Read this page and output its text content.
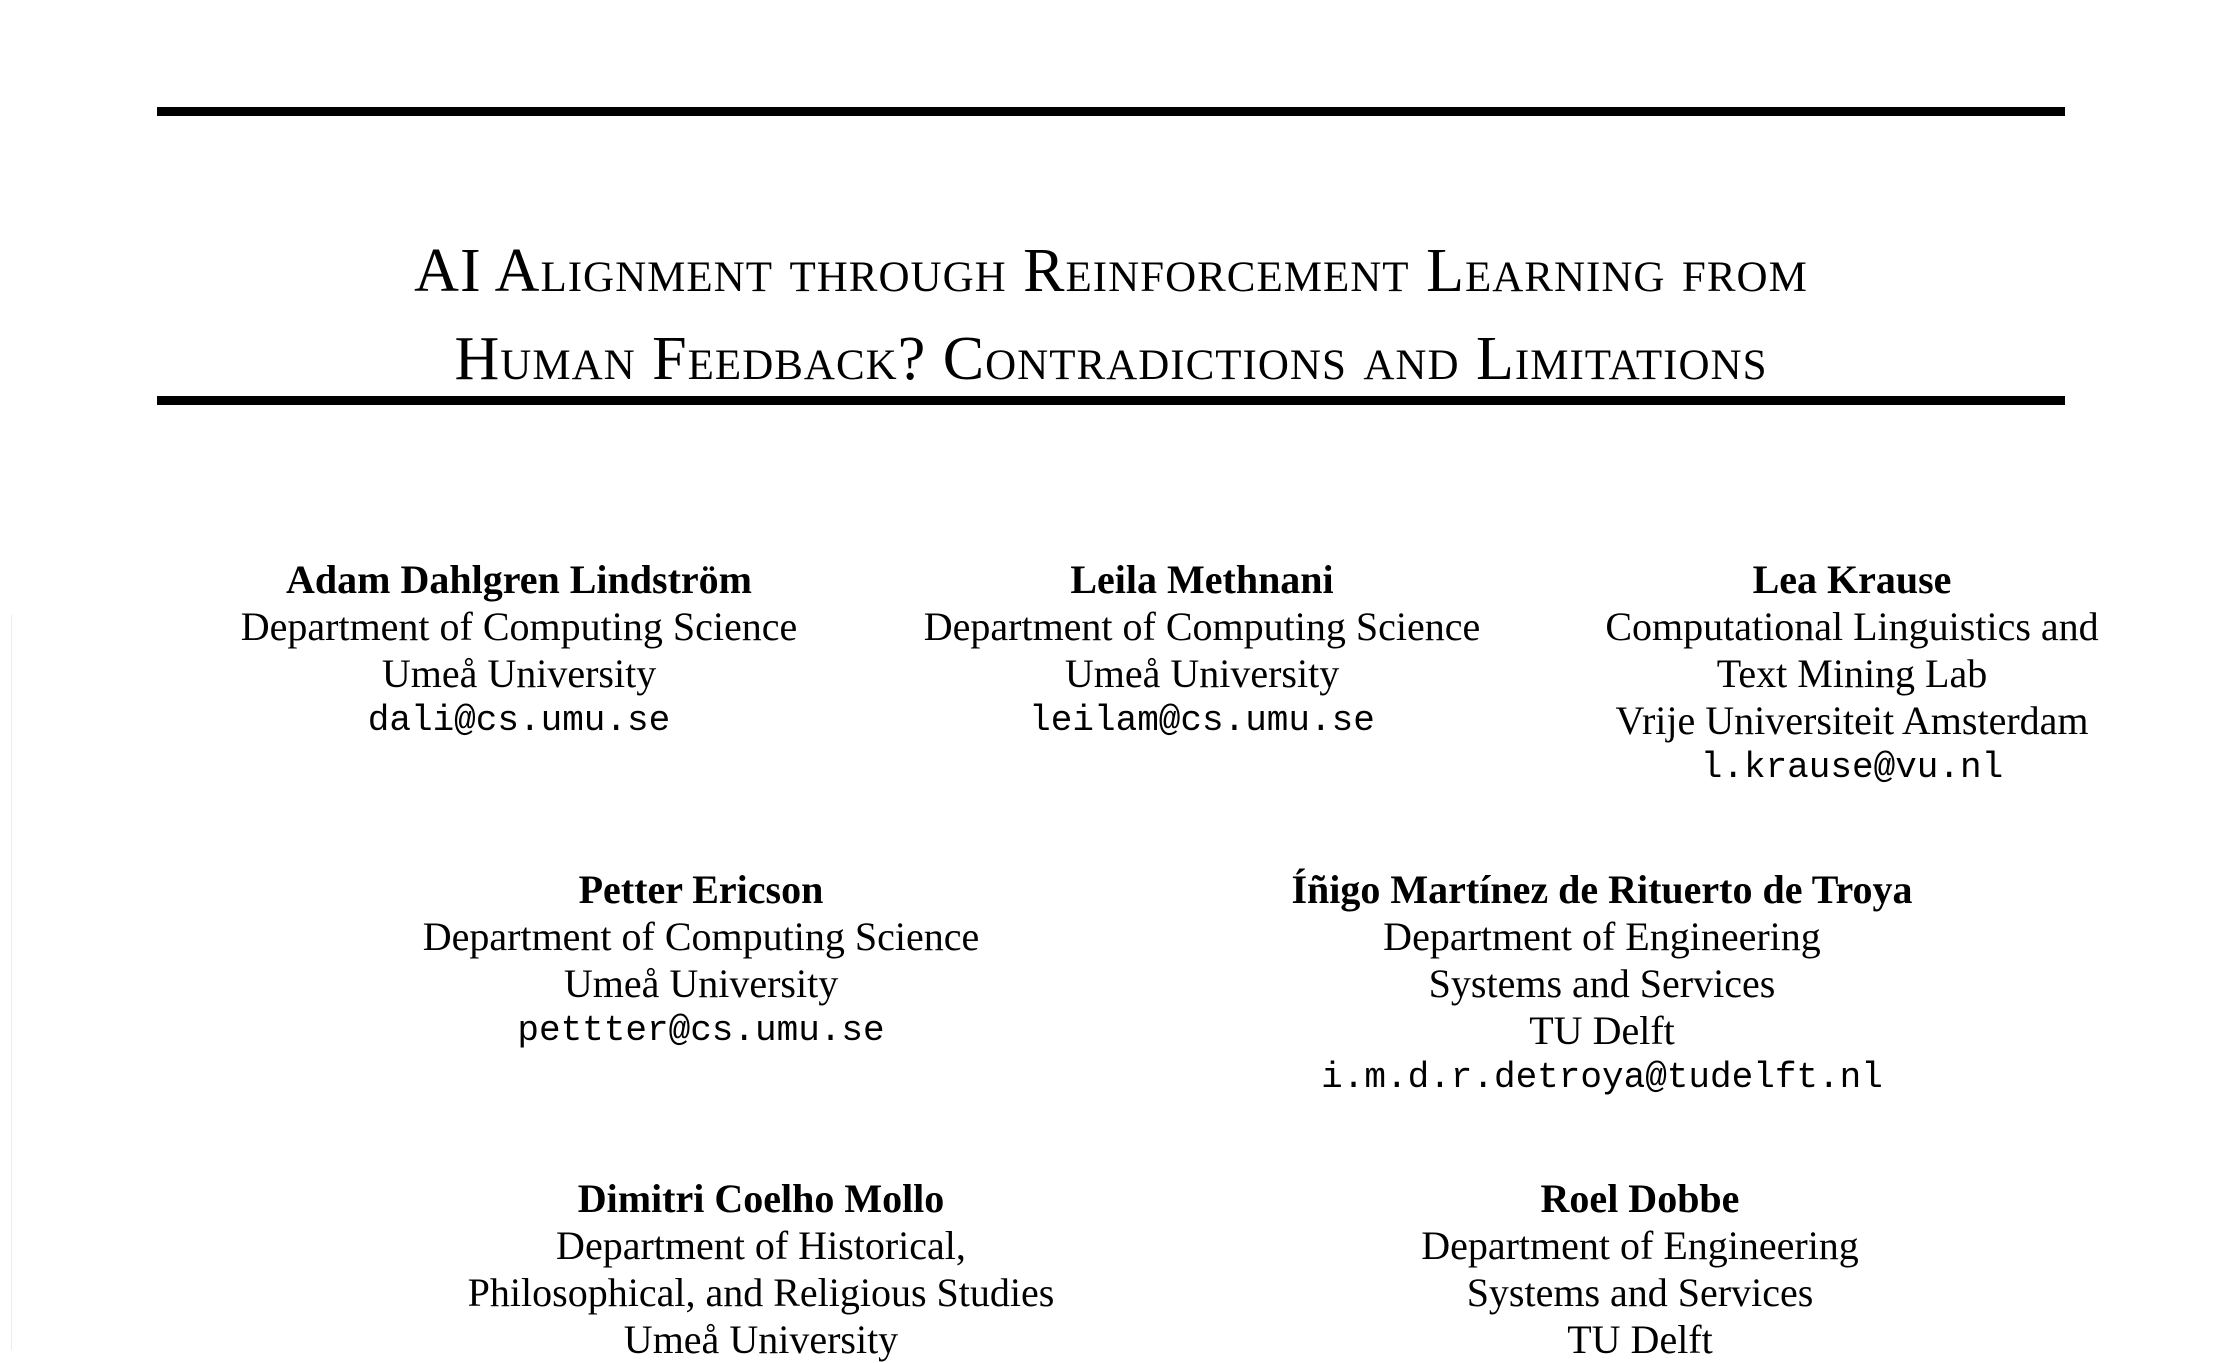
AI Alignment through Reinforcement Learning from
Human Feedback? Contradictions and Limitations
Adam Dahlgren Lindström
Department of Computing Science
Umeå University
dali@cs.umu.se
Leila Methnani
Department of Computing Science
Umeå University
leilam@cs.umu.se
Lea Krause
Computational Linguistics and
Text Mining Lab
Vrije Universiteit Amsterdam
l.krause@vu.nl
Petter Ericson
Department of Computing Science
Umeå University
pettter@cs.umu.se
Íñigo Martínez de Rituerto de Troya
Department of Engineering
Systems and Services
TU Delft
i.m.d.r.detroya@tudelft.nl
Dimitri Coelho Mollo
Department of Historical,
Philosophical, and Religious Studies
Umeå University
Roel Dobbe
Department of Engineering
Systems and Services
TU Delft
